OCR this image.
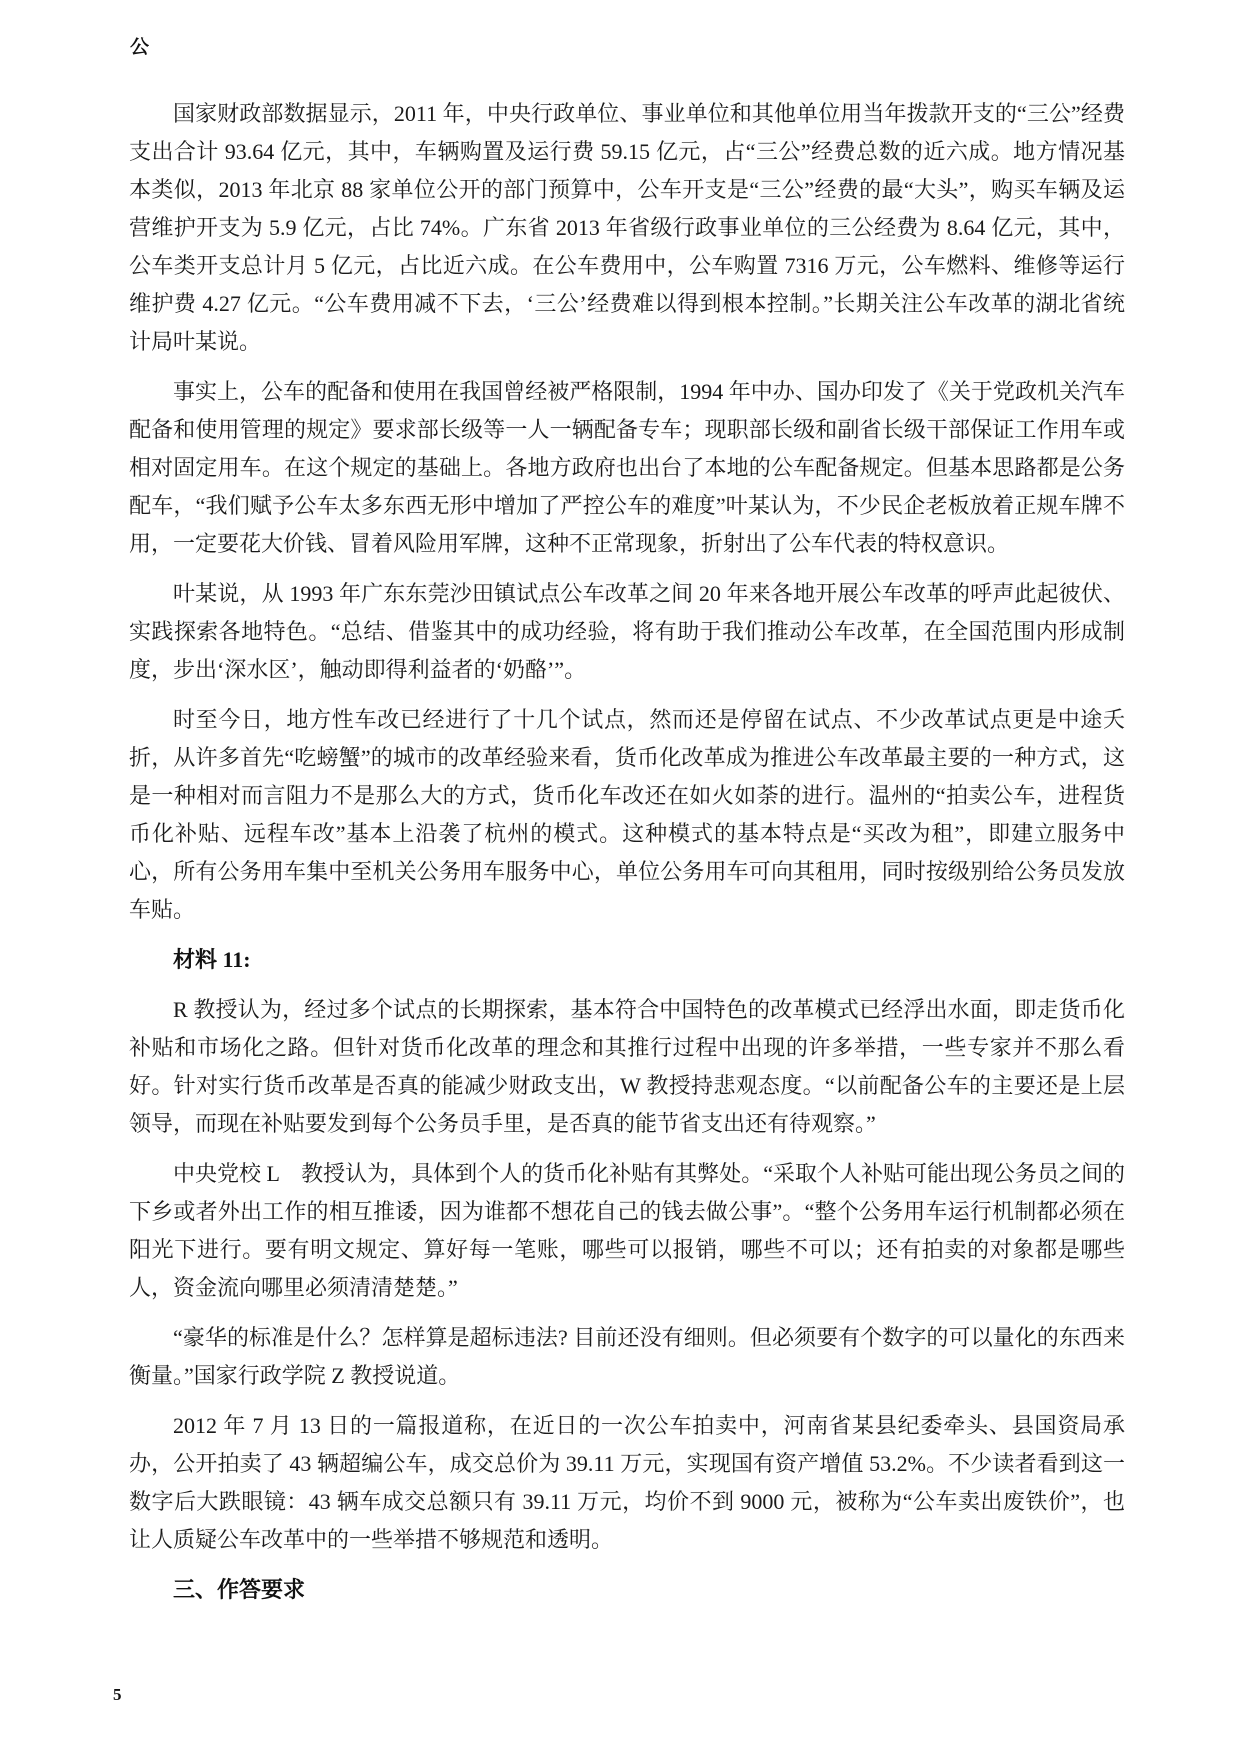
公

国家财政部数据显示，2011 年，中央行政单位、事业单位和其他单位用当年拨款开支的“三公”经费支出合计 93.64 亿元，其中，车辆购置及运行费 59.15 亿元，占“三公”经费总数的近六成。地方情况基本类似，2013 年北京 88 家单位公开的部门预算中，公车开支是“三公”经费的最“大头”，购买车辆及运营维护开支为 5.9 亿元，占比 74%。广东省 2013 年省级行政事业单位的三公经费为 8.64 亿元，其中，公车类开支总计月 5 亿元，占比近六成。在公车费用中，公车购置 7316 万元，公车燃料、维修等运行维护费 4.27 亿元。“公车费用减不下去，‘三公’经费难以得到根本控制。”长期关注公车改革的湖北省统计局叶某说。

事实上，公车的配备和使用在我国曾经被严格限制，1994 年中办、国办印发了《关于党政机关汽车配备和使用管理的规定》要求部长级等一人一辆配备专车；现职部长级和副省长级干部保证工作用车或相对固定用车。在这个规定的基础上。各地方政府也出台了本地的公车配备规定。但基本思路都是公务配车，“我们赋予公车太多东西无形中增加了严控公车的难度”叶某认为，不少民企老板放着正规车牌不用，一定要花大价钱、冒着风险用军牌，这种不正常现象，折射出了公车代表的特权意识。

叶某说，从 1993 年广东东莞沙田镇试点公车改革之间 20 年来各地开展公车改革的呼声此起彼伏、实践探索各地特色。“总结、借鉴其中的成功经验，将有助于我们推动公车改革，在全国范围内形成制度，步出‘深水区’，触动即得利益者的‘奶酪’”。

时至今日，地方性车改已经进行了十几个试点，然而还是停留在试点、不少改革试点更是中途夭折，从许多首先“吃螃蟹”的城市的改革经验来看，货币化改革成为推进公车改革最主要的一种方式，这是一种相对而言阻力不是那么大的方式，货币化车改还在如火如荼的进行。温州的“拍卖公车，进程货币化补贴、远程车改”基本上沿袭了杭州的模式。这种模式的基本特点是“买改为租”，即建立服务中心，所有公务用车集中至机关公务用车服务中心，单位公务用车可向其租用，同时按级别给公务员发放车贴。

材料 11:

R 教授认为，经过多个试点的长期探索，基本符合中国特色的改革模式已经浮出水面，即走货币化补贴和市场化之路。但针对货币化改革的理念和其推行过程中出现的许多举措，一些专家并不那么看好。针对实行货币改革是否真的能减少财政支出，W 教授持悲观态度。“以前配备公车的主要还是上层领导，而现在补贴要发到每个公务员手里，是否真的能节省支出还有待观察。”

中央党校 L　教授认为，具体到个人的货币化补贴有其弊处。“采取个人补贴可能出现公务员之间的下乡或者外出工作的相互推诿，因为谁都不想花自己的钱去做公事”。“整个公务用车运行机制都必须在阳光下进行。要有明文规定、算好每一笔账，哪些可以报销，哪些不可以；还有拍卖的对象都是哪些人，资金流向哪里必须清清楚楚。”

“豪华的标准是什么？怎样算是超标违法? 目前还没有细则。但必须要有个数字的可以量化的东西来衡量。”国家行政学院 Z 教授说道。

2012 年 7 月 13 日的一篇报道称，在近日的一次公车拍卖中，河南省某县纪委牵头、县国资局承办，公开拍卖了 43 辆超编公车，成交总价为 39.11 万元，实现国有资产增值 53.2%。不少读者看到这一数字后大跌眼镜：43 辆车成交总额只有 39.11 万元，均价不到 9000 元，被称为“公车卖出废铁价”，也让人质疑公车改革中的一些举措不够规范和透明。

三、作答要求

5
